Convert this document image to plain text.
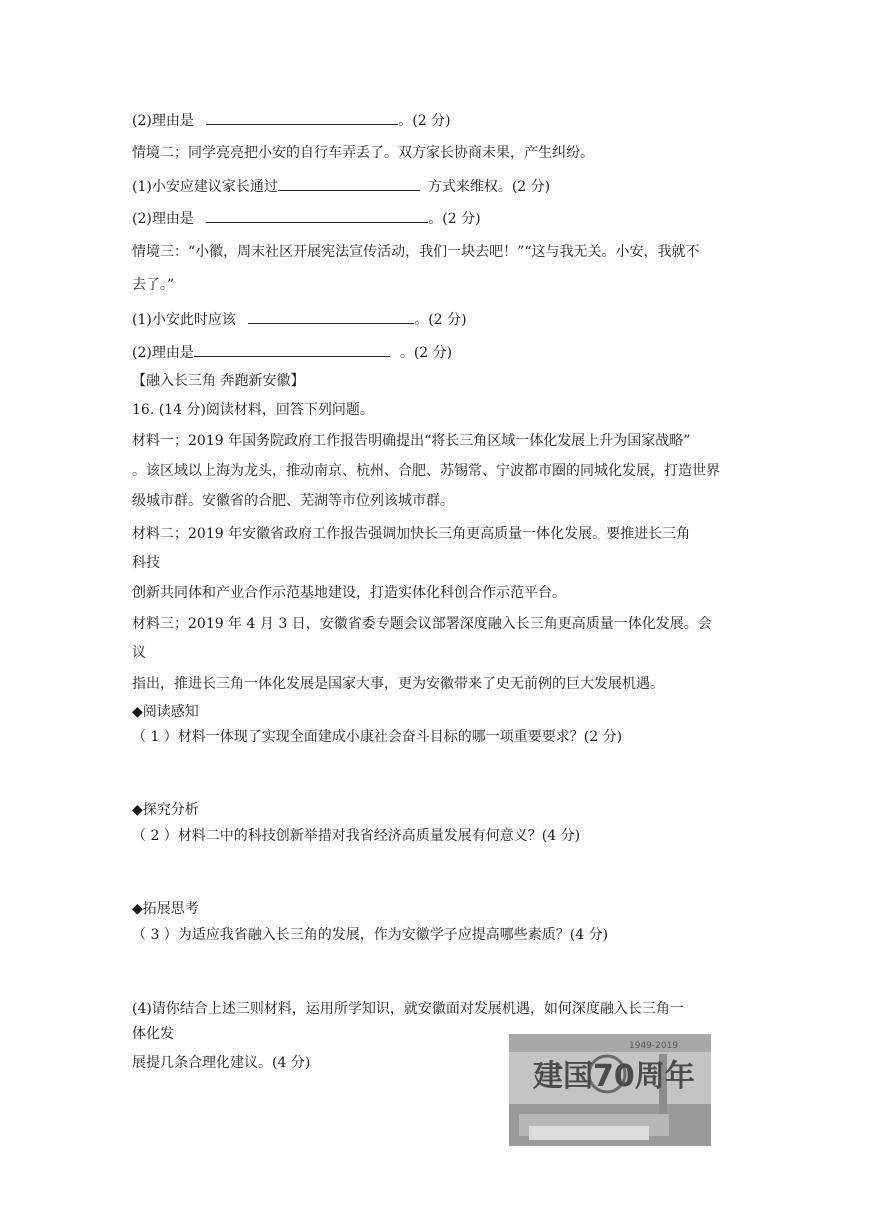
(2)理由是	。(2 分)
情境二；同学亮亮把小安的自行车弄丢了。双方家长协商未果，产生纠纷。
(1)小安应建议家长通过	方式来维权。(2 分)
(2)理由是	。(2 分)
情境三：“小徽，周末社区开展宪法宣传活动，我们一块去吧！”“这与我无关。小安，我就不
去了。”
(1)小安此时应该	。(2 分)
(2)理由是	。(2 分)
【融入长三角 奔跑新安徽】
16. (14 分)阅读材料，回答下列问题。
材料一；2019 年国务院政府工作报告明确提出“将长三角区域一体化发展上升为国家战略”
。该区域以上海为龙头，推动南京、杭州、合肥、苏锡常、宁波都市圈的同城化发展，打造世界
级城市群。安徽省的合肥、芜湖等市位列该城市群。
材料二；2019 年安徽省政府工作报告强调加快长三角更高质量一体化发展。要推进长三角
科技
创新共同体和产业合作示范基地建设，打造实体化科创合作示范平台。
材料三；2019 年 4 月 3 日，安徽省委专题会议部署深度融入长三角更高质量一体化发展。会
议
指出，推进长三角一体化发展是国家大事，更为安徽带来了史无前例的巨大发展机遇。
◆阅读感知
（ 1 ）材料一体现了实现全面建成小康社会奋斗目标的哪一项重要要求？(2 分)
◆探究分析
（ 2 ）材料二中的科技创新举措对我省经济高质量发展有何意义？(4 分)
◆拓展思考
（ 3 ）为适应我省融入长三角的发展，作为安徽学子应提高哪些素质？(4 分)
(4)请你结合上述三则材料，运用所学知识，就安徽面对发展机遇，如何深度融入长三角一
体化发
展提几条合理化建议。(4 分)	建国70周年
1949-2019
